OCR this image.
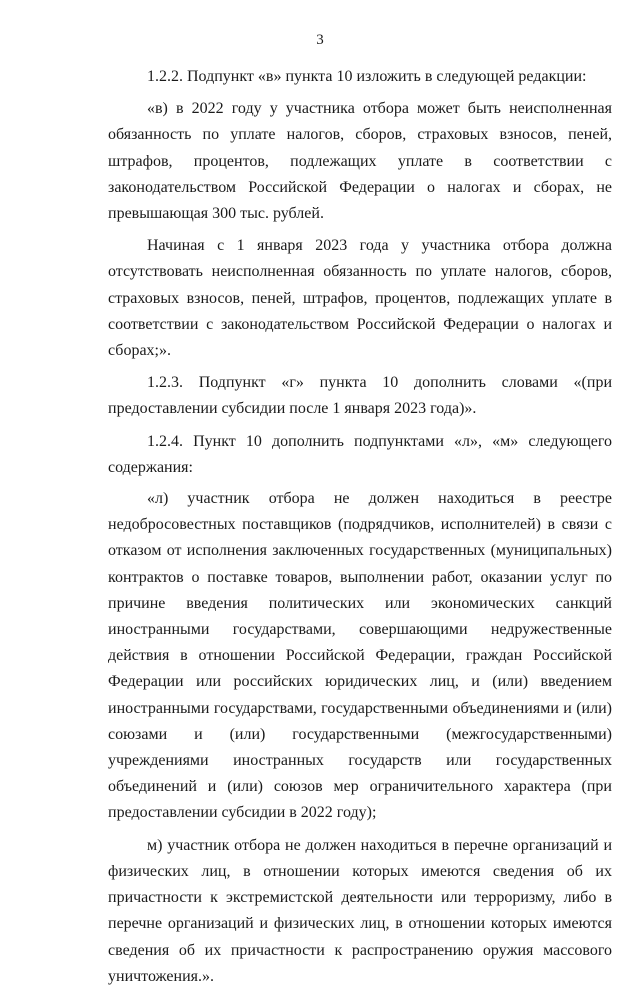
3

1.2.2. Подпункт «в» пункта 10 изложить в следующей редакции:

«в) в 2022 году у участника отбора может быть неисполненная обязанность по уплате налогов, сборов, страховых взносов, пеней, штрафов, процентов, подлежащих уплате в соответствии с законодательством Российской Федерации о налогах и сборах, не превышающая 300 тыс. рублей.

Начиная с 1 января 2023 года у участника отбора должна отсутствовать неисполненная обязанность по уплате налогов, сборов, страховых взносов, пеней, штрафов, процентов, подлежащих уплате в соответствии с законодательством Российской Федерации о налогах и сборах;».

1.2.3. Подпункт «г» пункта 10 дополнить словами «(при предоставлении субсидии после 1 января 2023 года)».

1.2.4. Пункт 10 дополнить подпунктами «л», «м» следующего содержания:

«л) участник отбора не должен находиться в реестре недобросовестных поставщиков (подрядчиков, исполнителей) в связи с отказом от исполнения заключенных государственных (муниципальных) контрактов о поставке товаров, выполнении работ, оказании услуг по причине введения политических или экономических санкций иностранными государствами, совершающими недружественные действия в отношении Российской Федерации, граждан Российской Федерации или российских юридических лиц, и (или) введением иностранными государствами, государственными объединениями и (или) союзами и (или) государственными (межгосударственными) учреждениями иностранных государств или государственных объединений и (или) союзов мер ограничительного характера (при предоставлении субсидии в 2022 году);

м) участник отбора не должен находиться в перечне организаций и физических лиц, в отношении которых имеются сведения об их причастности к экстремистской деятельности или терроризму, либо в перечне организаций и физических лиц, в отношении которых имеются сведения об их причастности к распространению оружия массового уничтожения.».
